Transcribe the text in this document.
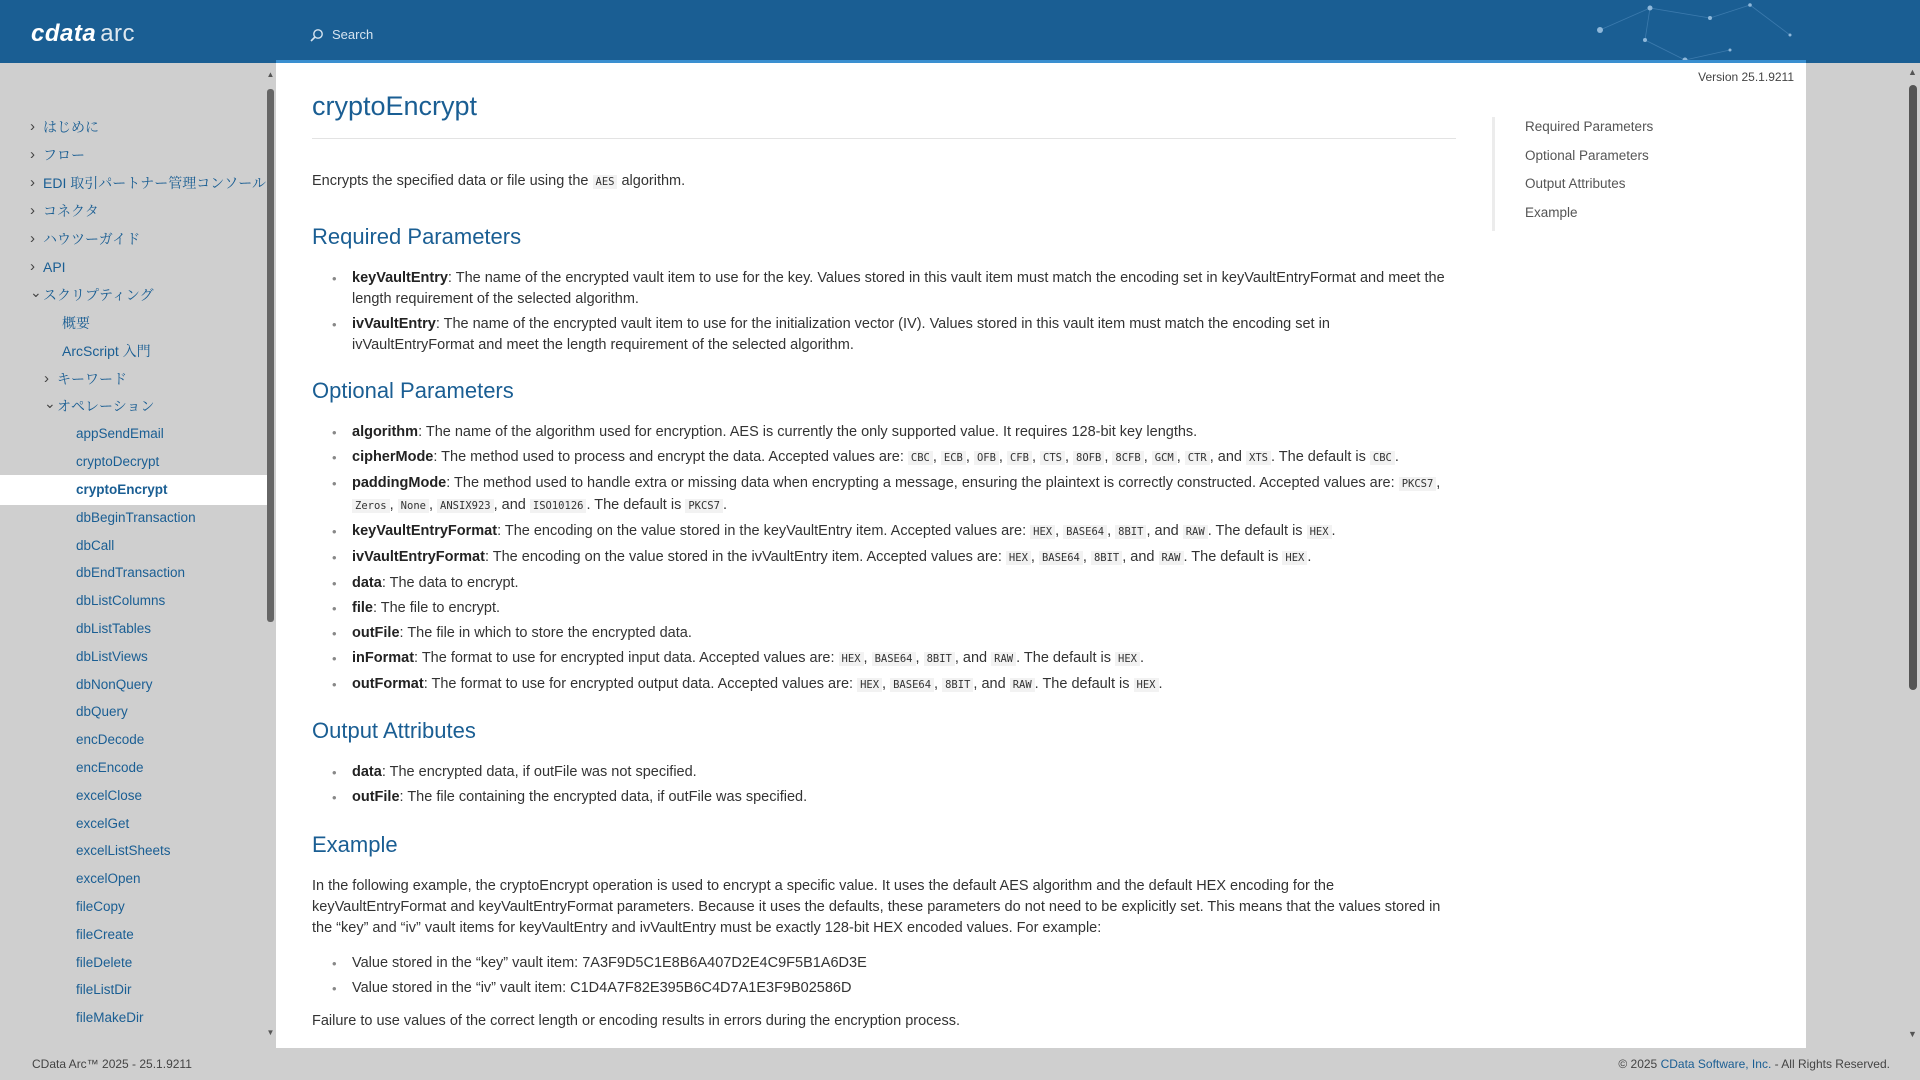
cdata arc	Search
› はじめに
› フロー
› EDI 取引パートナー管理コンソール
› コネクタ
› ハウツーガイド
› API
⌄ スクリプティング
概要
ArcScript 入門
› キーワード
⌄ オペレーション
appSendEmail
cryptoDecrypt
cryptoEncrypt
dbBeginTransaction
dbCall
dbEndTransaction
dbListColumns
dbListTables
dbListViews
dbNonQuery
dbQuery
encDecode
encEncode
excelClose
excelGet
excelListSheets
excelOpen
fileCopy
fileCreate
fileDelete
fileListDir
fileMakeDir
▲
▼
Version 25.1.9211
cryptoEncrypt

Encrypts the specified data or file using the AES algorithm.

Required Parameters
• keyVaultEntry: The name of the encrypted vault item to use for the key. Values stored in this vault item must match the encoding set in keyVaultEntryFormat and meet the length requirement of the selected algorithm.
• ivVaultEntry: The name of the encrypted vault item to use for the initialization vector (IV). Values stored in this vault item must match the encoding set in ivVaultEntryFormat and meet the length requirement of the selected algorithm.
Optional Parameters
• algorithm: The name of the algorithm used for encryption. AES is currently the only supported value. It requires 128-bit key lengths.
• cipherMode: The method used to process and encrypt the data. Accepted values are: CBC , ECB , OFB , CFB , CTS , 8OFB , 8CFB , GCM , CTR , and XTS . The default is CBC .
• paddingMode: The method used to handle extra or missing data when encrypting a message, ensuring the plaintext is correctly constructed. Accepted values are: PKCS7 , Zeros , None , ANSIX923 , and ISO10126 . The default is PKCS7 .
• keyVaultEntryFormat: The encoding on the value stored in the keyVaultEntry item. Accepted values are: HEX , BASE64 , 8BIT , and RAW . The default is HEX .
• ivVaultEntryFormat: The encoding on the value stored in the ivVaultEntry item. Accepted values are: HEX , BASE64 , 8BIT , and RAW . The default is HEX .
• data: The data to encrypt.
• file: The file to encrypt.
• outFile: The file in which to store the encrypted data.
• inFormat: The format to use for encrypted input data. Accepted values are: HEX , BASE64 , 8BIT , and RAW . The default is HEX .
• outFormat: The format to use for encrypted output data. Accepted values are: HEX , BASE64 , 8BIT , and RAW . The default is HEX .
Output Attributes
• data: The encrypted data, if outFile was not specified.
• outFile: The file containing the encrypted data, if outFile was specified.
Example

In the following example, the cryptoEncrypt operation is used to encrypt a specific value. It uses the default AES algorithm and the default HEX encoding for the keyVaultEntryFormat and keyVaultEntryFormat parameters. Because it uses the defaults, these parameters do not need to be explicitly set. This means that the values stored in the “key” and “iv” vault items for keyVaultEntry and ivVaultEntry must be exactly 128-bit HEX encoded values. For example:

• Value stored in the “key” vault item: 7A3F9D5C1E8B6A407D2E4C9F5B1A6D3E
• Value stored in the “iv” vault item: C1D4A7F82E395B6C4D7A1E3F9B02586D

Failure to use values of the correct length or encoding results in errors during the encryption process.

Required Parameters
Optional Parameters
Output Attributes
Example
▲
▼
CData Arc™ 2025 - 25.1.9211	© 2025 CData Software, Inc. - All Rights Reserved.
